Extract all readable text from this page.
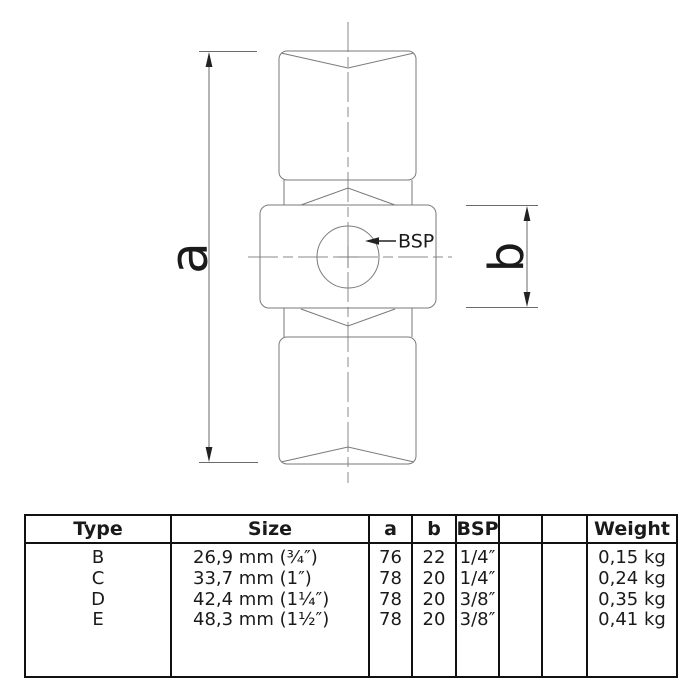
a	b
BSP
Type
B
C
D
E
Size
26,9 mm (¾″)
33,7 mm (1″)
42,4 mm (1¼″)
48,3 mm (1½″)
a
76
78
78
78
b
22
20
20
20
BSP
1/4″
1/4″
3/8″
3/8″
Weight
0,15 kg
0,24 kg
0,35 kg
0,41 kg
